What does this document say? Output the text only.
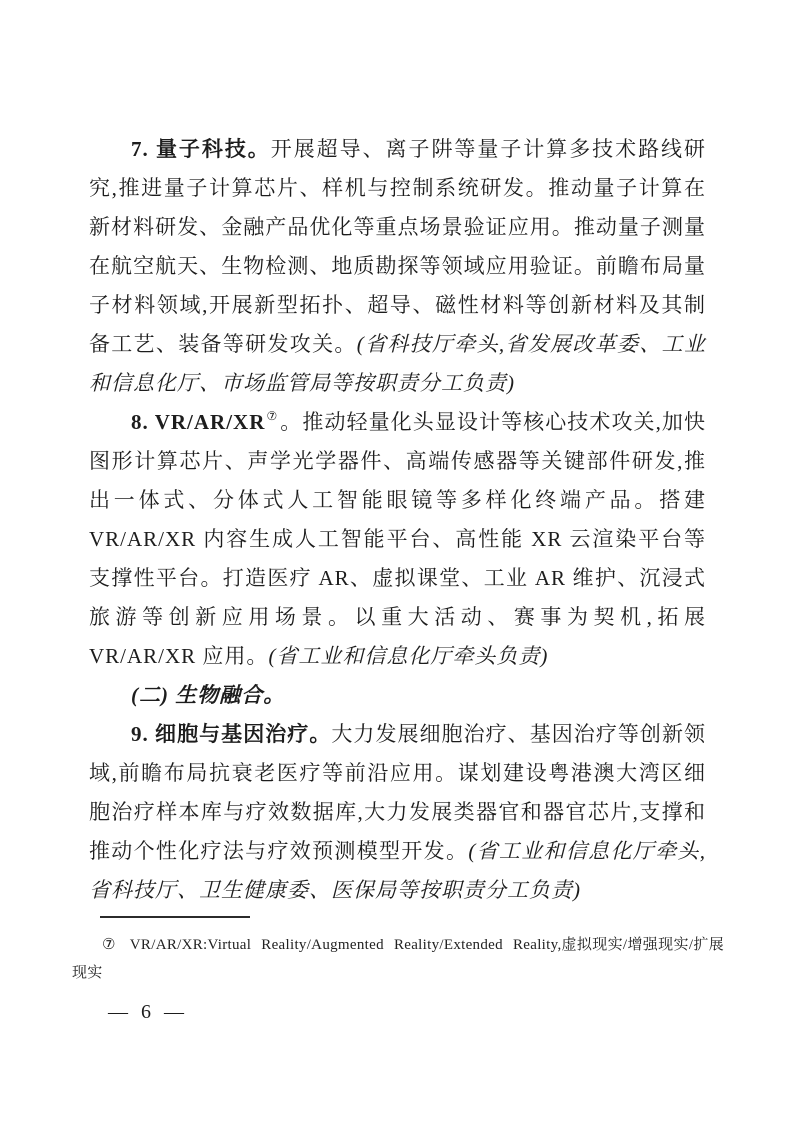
7. 量子科技。开展超导、离子阱等量子计算多技术路线研究,推进量子计算芯片、样机与控制系统研发。推动量子计算在新材料研发、金融产品优化等重点场景验证应用。推动量子测量在航空航天、生物检测、地质勘探等领域应用验证。前瞻布局量子材料领域,开展新型拓扑、超导、磁性材料等创新材料及其制备工艺、装备等研发攻关。(省科技厅牵头,省发展改革委、工业和信息化厅、市场监管局等按职责分工负责)

8. VR/AR/XR⑦ 。推动轻量化头显设计等核心技术攻关,加快图形计算芯片、声学光学器件、高端传感器等关键部件研发,推出一体式、分体式人工智能眼镜等多样化终端产品。搭建 VR/AR/XR 内容生成人工智能平台、高性能 XR 云渲染平台等支撑性平台。打造医疗 AR、虚拟课堂、工业 AR 维护、沉浸式旅游等创新应用场景。以重大活动、赛事为契机,拓展 VR/AR/XR 应用。(省工业和信息化厅牵头负责)

(二) 生物融合。

9. 细胞与基因治疗。大力发展细胞治疗、基因治疗等创新领域,前瞻布局抗衰老医疗等前沿应用。谋划建设粤港澳大湾区细胞治疗样本库与疗效数据库,大力发展类器官和器官芯片,支撑和推动个性化疗法与疗效预测模型开发。(省工业和信息化厅牵头,省科技厅、卫生健康委、医保局等按职责分工负责)

⑦ VR/AR/XR:Virtual Reality/Augmented Reality/Extended Reality,虚拟现实/增强现实/扩展现实

— 6 —
